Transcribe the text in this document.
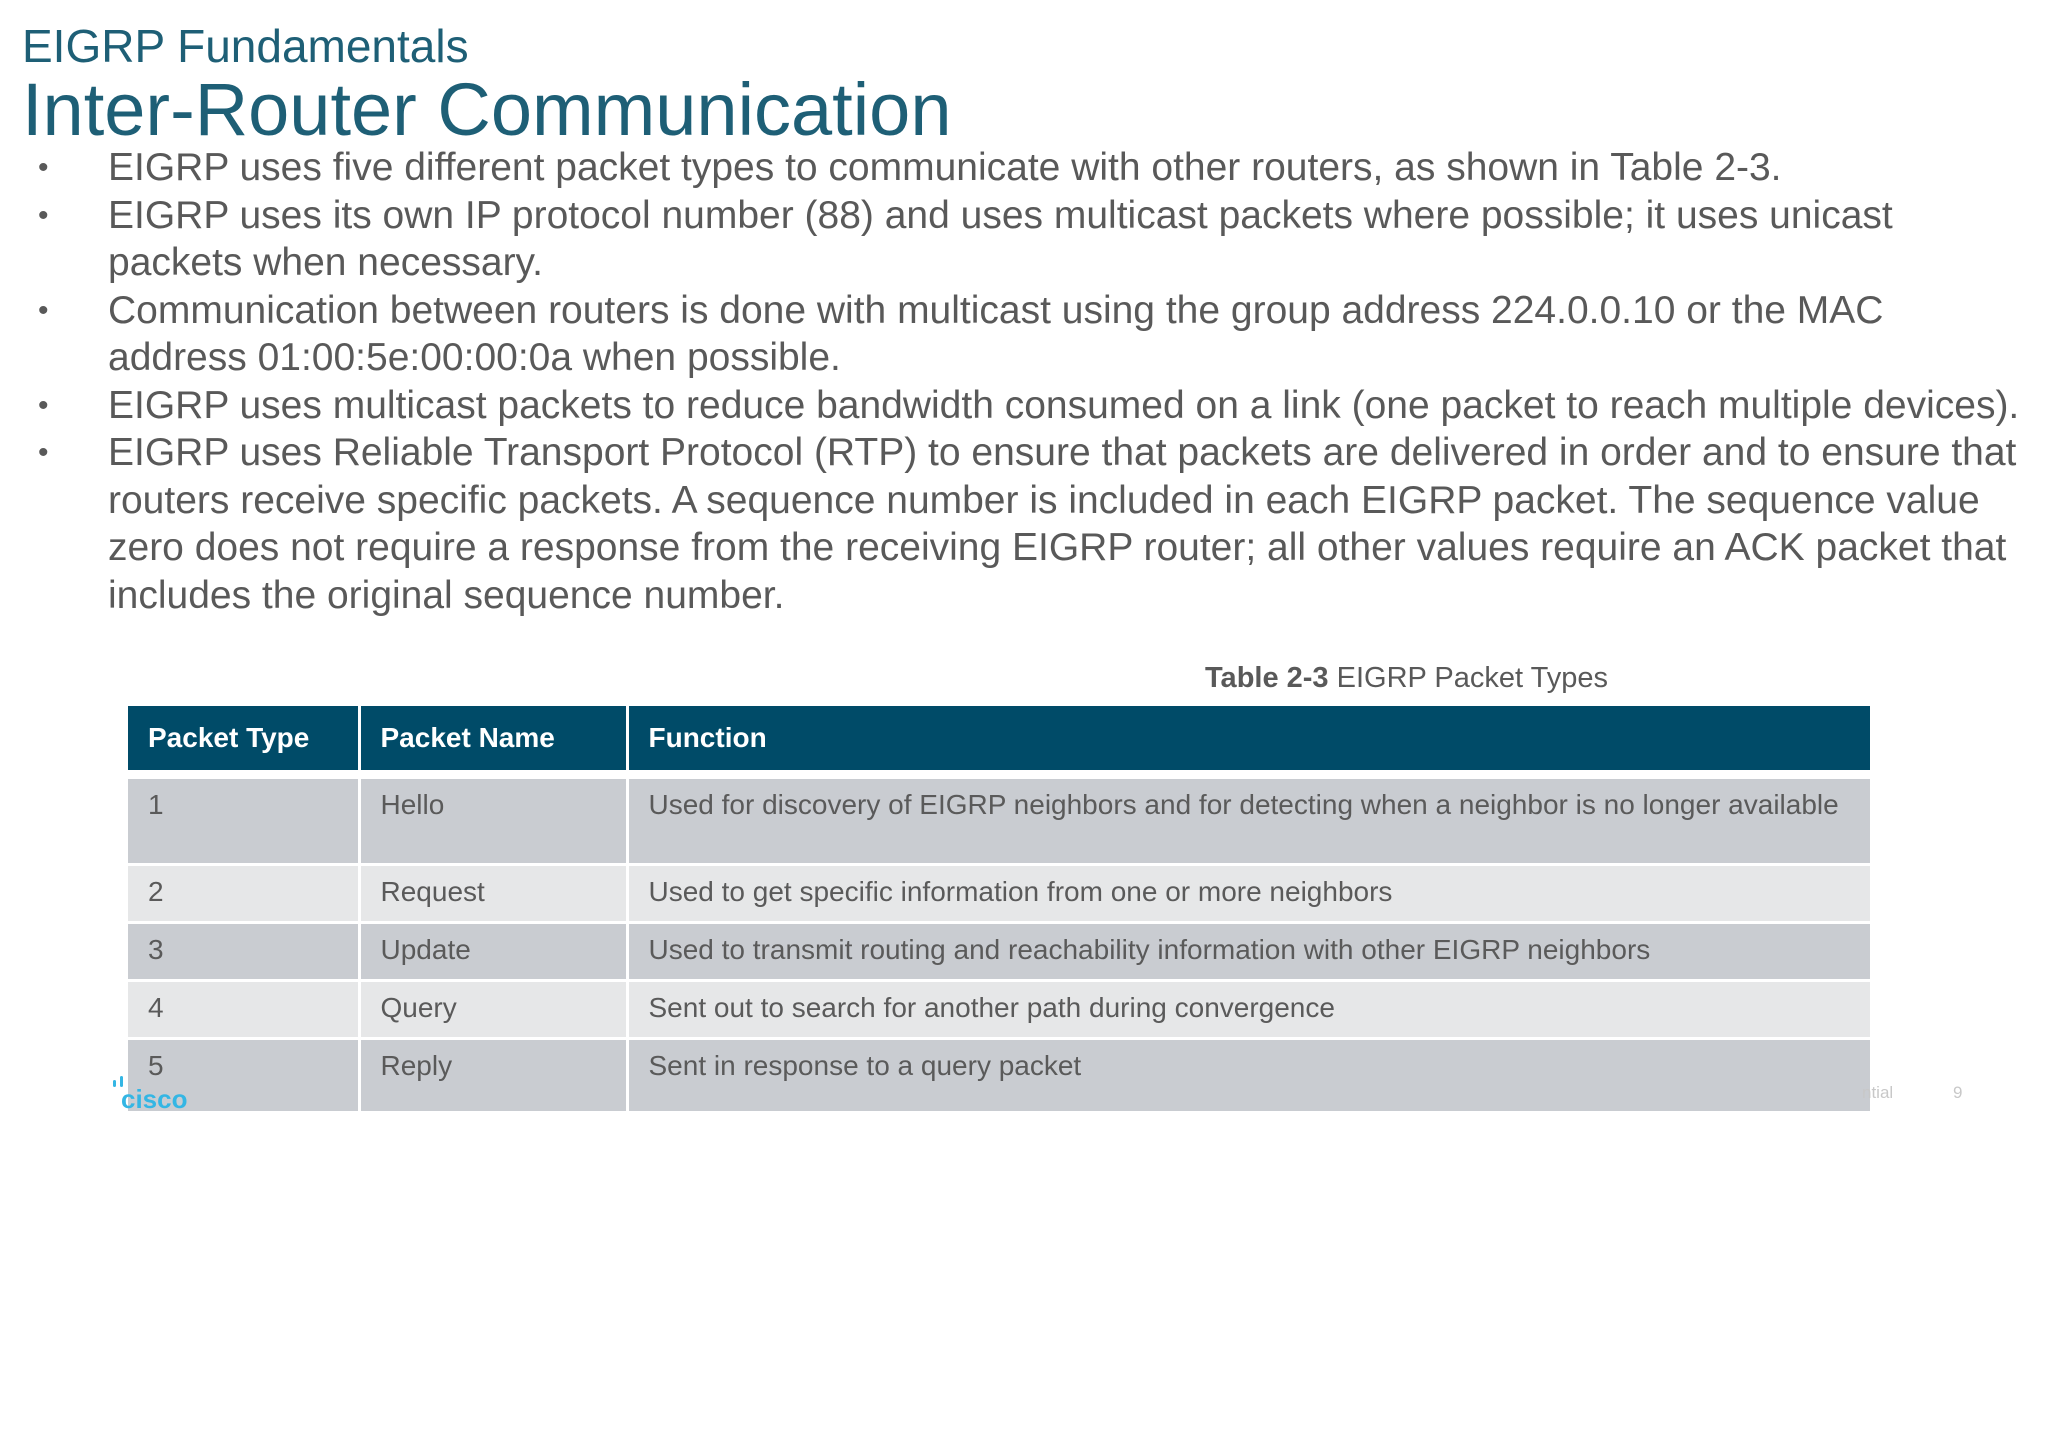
EIGRP Fundamentals
Inter-Router Communication
•	EIGRP uses five different packet types to communicate with other routers, as shown in Table 2-3.
•	EIGRP uses its own IP protocol number (88) and uses multicast packets where possible; it uses unicast packets when necessary.
•	Communication between routers is done with multicast using the group address 224.0.0.10 or the MAC address 01:00:5e:00:00:0a when possible.
•	EIGRP uses multicast packets to reduce bandwidth consumed on a link (one packet to reach multiple devices).
•	EIGRP uses Reliable Transport Protocol (RTP) to ensure that packets are delivered in order and to ensure that routers receive specific packets. A sequence number is included in each EIGRP packet. The sequence value zero does not require a response from the receiving EIGRP router; all other values require an ACK packet that includes the original sequence number.
Table 2-3 EIGRP Packet Types
Packet Type	Packet Name	Function
1	Hello	Used for discovery of EIGRP neighbors and for detecting when a neighbor is no longer available
2	Request	Used to get specific information from one or more neighbors
3	Update	Used to transmit routing and reachability information with other EIGRP neighbors
4	Query	Sent out to search for another path during convergence
5	Reply	Sent in response to a query packet
cisco	ntial	9
